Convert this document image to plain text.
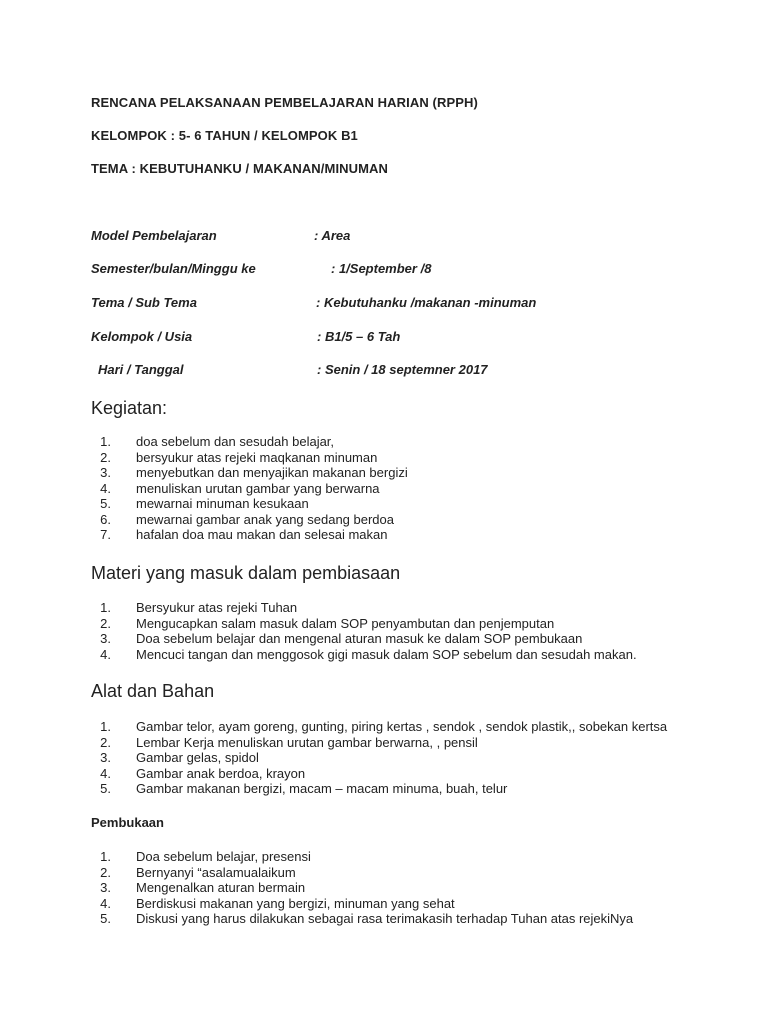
RENCANA PELAKSANAAN PEMBELAJARAN HARIAN (RPPH)

KELOMPOK : 5- 6 TAHUN / KELOMPOK B1

TEMA : KEBUTUHANKU / MAKANAN/MINUMAN

Model Pembelajaran	: Area
Semester/bulan/Minggu ke	: 1/September /8
Tema / Sub Tema	: Kebutuhanku /makanan -minuman
Kelompok / Usia	: B1/5 – 6 Tah
Hari / Tanggal	: Senin / 18 septemner 2017
Kegiatan:
1. doa sebelum dan sesudah belajar,
2. bersyukur atas rejeki maqkanan minuman
3. menyebutkan dan menyajikan makanan bergizi
4. menuliskan urutan gambar yang berwarna
5. mewarnai minuman kesukaan
6. mewarnai gambar anak yang sedang berdoa
7. hafalan doa mau makan dan selesai makan
Materi yang masuk dalam pembiasaan
1. Bersyukur atas rejeki Tuhan
2. Mengucapkan salam masuk dalam SOP penyambutan dan penjemputan
3. Doa sebelum belajar dan mengenal aturan masuk ke dalam SOP pembukaan
4. Mencuci tangan dan menggosok gigi masuk dalam SOP sebelum dan sesudah makan.
Alat dan Bahan
1. Gambar telor, ayam goreng, gunting, piring kertas , sendok , sendok plastik,, sobekan kertsa
2. Lembar Kerja menuliskan urutan gambar berwarna, , pensil
3. Gambar gelas, spidol
4. Gambar anak berdoa, krayon
5. Gambar makanan bergizi, macam – macam minuma, buah, telur
Pembukaan
1. Doa sebelum belajar, presensi
2. Bernyanyi “asalamualaikum
3. Mengenalkan aturan bermain
4. Berdiskusi makanan yang bergizi, minuman yang sehat
5. Diskusi yang harus dilakukan sebagai rasa terimakasih terhadap Tuhan atas rejekiNya
